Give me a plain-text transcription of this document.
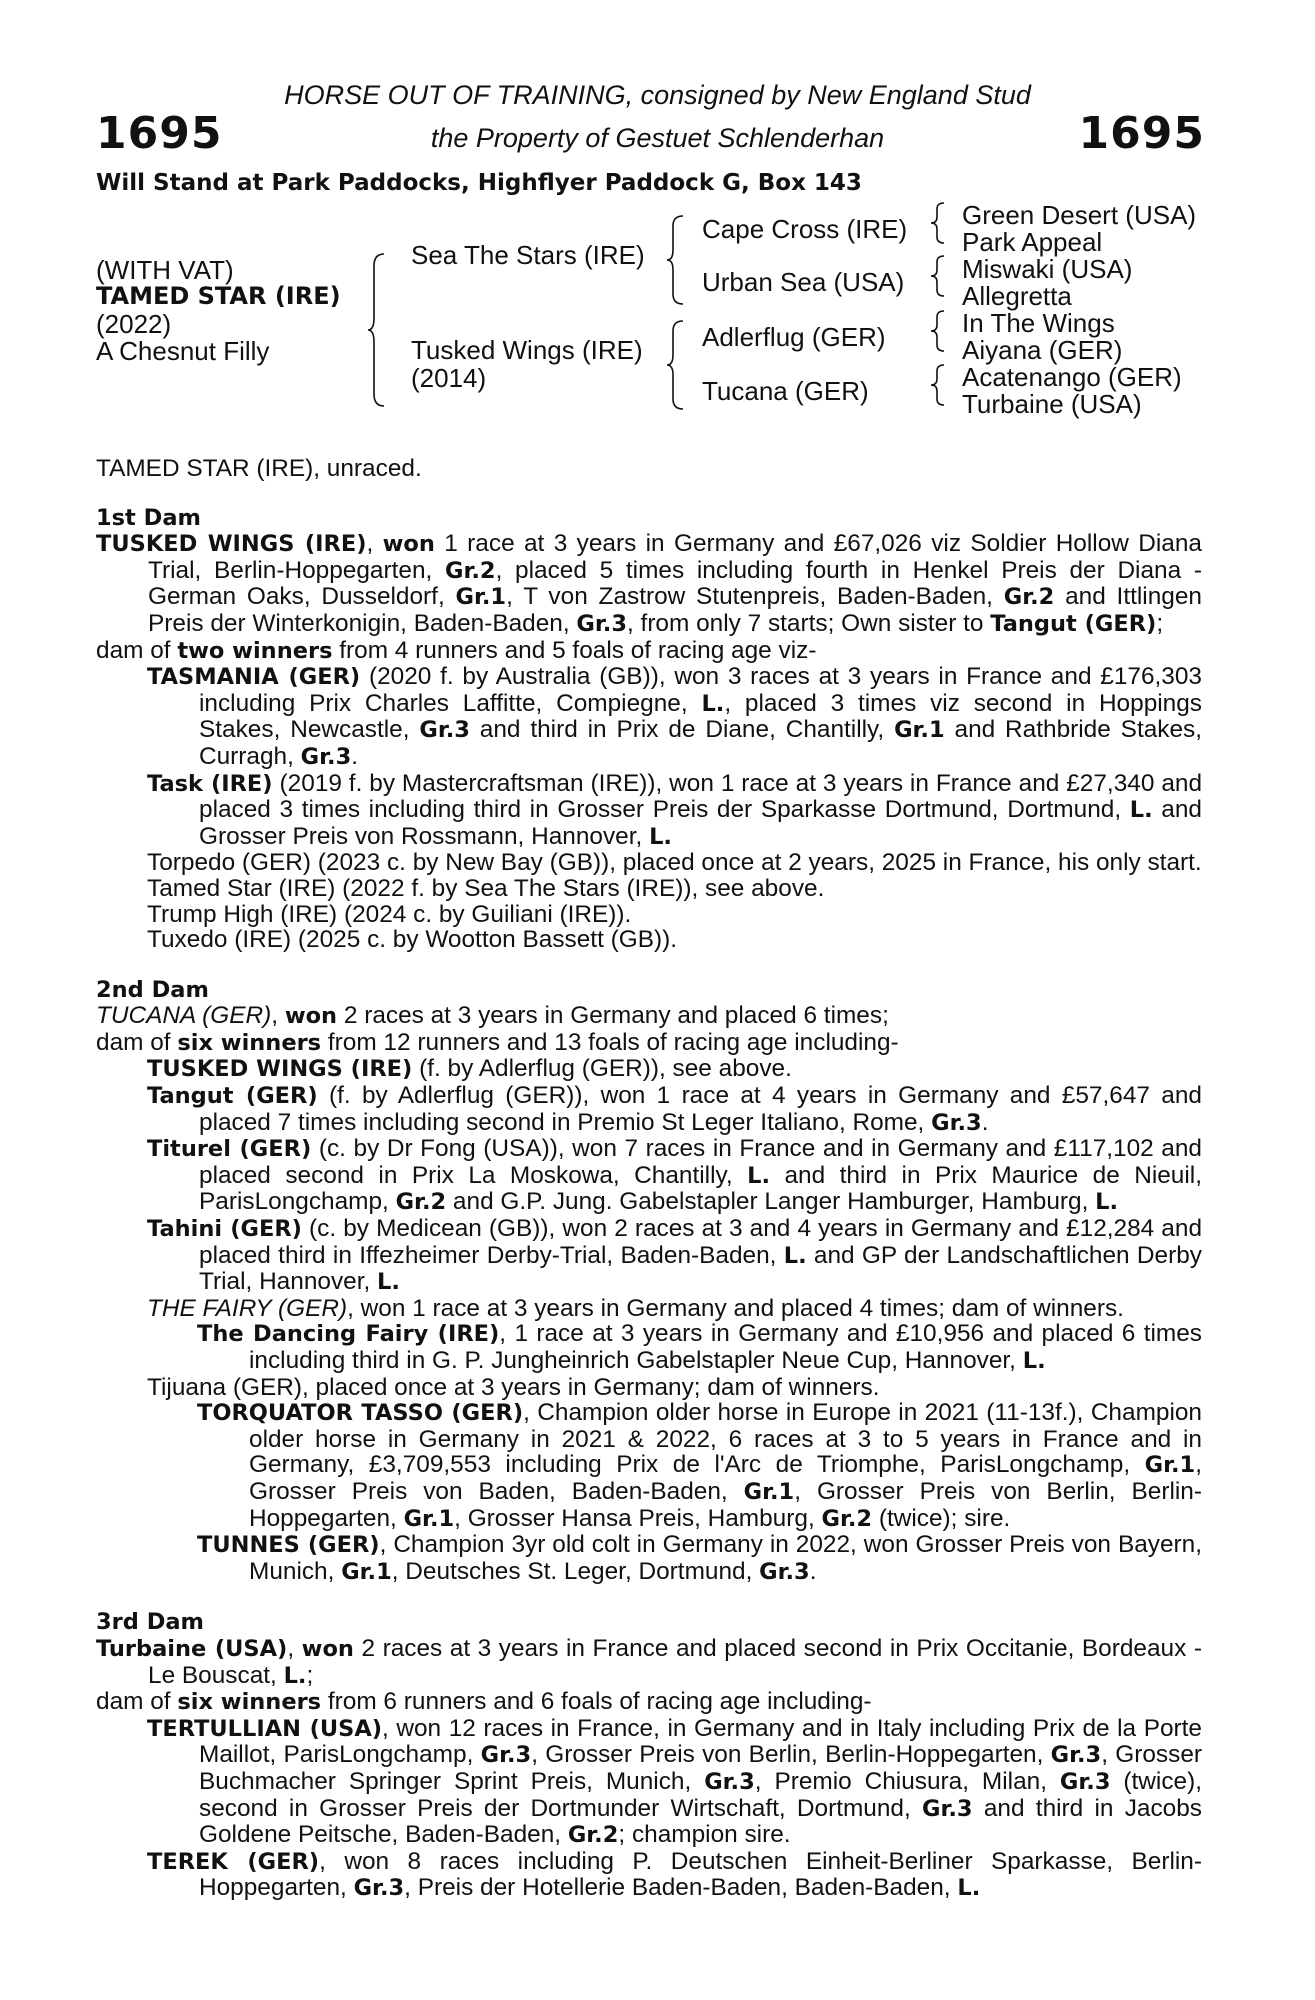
HORSE OUT OF TRAINING, consigned by New England Stud
1695	the Property of Gestuet Schlenderhan	1695
Will Stand at Park Paddocks, Highflyer Paddock G, Box 143
(WITH VAT)
TAMED STAR (IRE)
(2022)
A Chesnut Filly
Sea The Stars (IRE)
Tusked Wings (IRE)
(2014)
Cape Cross (IRE)
Urban Sea (USA)
Adlerflug (GER)
Tucana (GER)
Green Desert (USA)
Park Appeal
Miswaki (USA)
Allegretta
In The Wings
Aiyana (GER)
Acatenango (GER)
Turbaine (USA)
TAMED STAR (IRE), unraced.
1st Dam
TUSKED WINGS (IRE), won 1 race at 3 years in Germany and £67,026 viz Soldier Hollow Diana Trial, Berlin-Hoppegarten, Gr.2, placed 5 times including fourth in Henkel Preis der Diana - German Oaks, Dusseldorf, Gr.1, T von Zastrow Stutenpreis, Baden-Baden, Gr.2 and Ittlingen Preis der Winterkonigin, Baden-Baden, Gr.3, from only 7 starts; Own sister to Tangut (GER);
dam of two winners from 4 runners and 5 foals of racing age viz-
TASMANIA (GER) (2020 f. by Australia (GB)), won 3 races at 3 years in France and £176,303 including Prix Charles Laffitte, Compiegne, L., placed 3 times viz second in Hoppings Stakes, Newcastle, Gr.3 and third in Prix de Diane, Chantilly, Gr.1 and Rathbride Stakes, Curragh, Gr.3.
Task (IRE) (2019 f. by Mastercraftsman (IRE)), won 1 race at 3 years in France and £27,340 and placed 3 times including third in Grosser Preis der Sparkasse Dortmund, Dortmund, L. and Grosser Preis von Rossmann, Hannover, L.
Torpedo (GER) (2023 c. by New Bay (GB)), placed once at 2 years, 2025 in France, his only start.
Tamed Star (IRE) (2022 f. by Sea The Stars (IRE)), see above.
Trump High (IRE) (2024 c. by Guiliani (IRE)).
Tuxedo (IRE) (2025 c. by Wootton Bassett (GB)).
2nd Dam
TUCANA (GER), won 2 races at 3 years in Germany and placed 6 times;
dam of six winners from 12 runners and 13 foals of racing age including-
TUSKED WINGS (IRE) (f. by Adlerflug (GER)), see above.
Tangut (GER) (f. by Adlerflug (GER)), won 1 race at 4 years in Germany and £57,647 and placed 7 times including second in Premio St Leger Italiano, Rome, Gr.3.
Titurel (GER) (c. by Dr Fong (USA)), won 7 races in France and in Germany and £117,102 and placed second in Prix La Moskowa, Chantilly, L. and third in Prix Maurice de Nieuil, ParisLongchamp, Gr.2 and G.P. Jung. Gabelstapler Langer Hamburger, Hamburg, L.
Tahini (GER) (c. by Medicean (GB)), won 2 races at 3 and 4 years in Germany and £12,284 and placed third in Iffezheimer Derby-Trial, Baden-Baden, L. and GP der Landschaftlichen Derby Trial, Hannover, L.
THE FAIRY (GER), won 1 race at 3 years in Germany and placed 4 times; dam of winners.
The Dancing Fairy (IRE), 1 race at 3 years in Germany and £10,956 and placed 6 times including third in G. P. Jungheinrich Gabelstapler Neue Cup, Hannover, L.
Tijuana (GER), placed once at 3 years in Germany; dam of winners.
TORQUATOR TASSO (GER), Champion older horse in Europe in 2021 (11-13f.), Champion older horse in Germany in 2021 & 2022, 6 races at 3 to 5 years in France and in Germany, £3,709,553 including Prix de l'Arc de Triomphe, ParisLongchamp, Gr.1, Grosser Preis von Baden, Baden-Baden, Gr.1, Grosser Preis von Berlin, Berlin-Hoppegarten, Gr.1, Grosser Hansa Preis, Hamburg, Gr.2 (twice); sire.
TUNNES (GER), Champion 3yr old colt in Germany in 2022, won Grosser Preis von Bayern, Munich, Gr.1, Deutsches St. Leger, Dortmund, Gr.3.
3rd Dam
Turbaine (USA), won 2 races at 3 years in France and placed second in Prix Occitanie, Bordeaux - Le Bouscat, L.;
dam of six winners from 6 runners and 6 foals of racing age including-
TERTULLIAN (USA), won 12 races in France, in Germany and in Italy including Prix de la Porte Maillot, ParisLongchamp, Gr.3, Grosser Preis von Berlin, Berlin-Hoppegarten, Gr.3, Grosser Buchmacher Springer Sprint Preis, Munich, Gr.3, Premio Chiusura, Milan, Gr.3 (twice), second in Grosser Preis der Dortmunder Wirtschaft, Dortmund, Gr.3 and third in Jacobs Goldene Peitsche, Baden-Baden, Gr.2; champion sire.
TEREK (GER), won 8 races including P. Deutschen Einheit-Berliner Sparkasse, Berlin-Hoppegarten, Gr.3, Preis der Hotellerie Baden-Baden, Baden-Baden, L.
